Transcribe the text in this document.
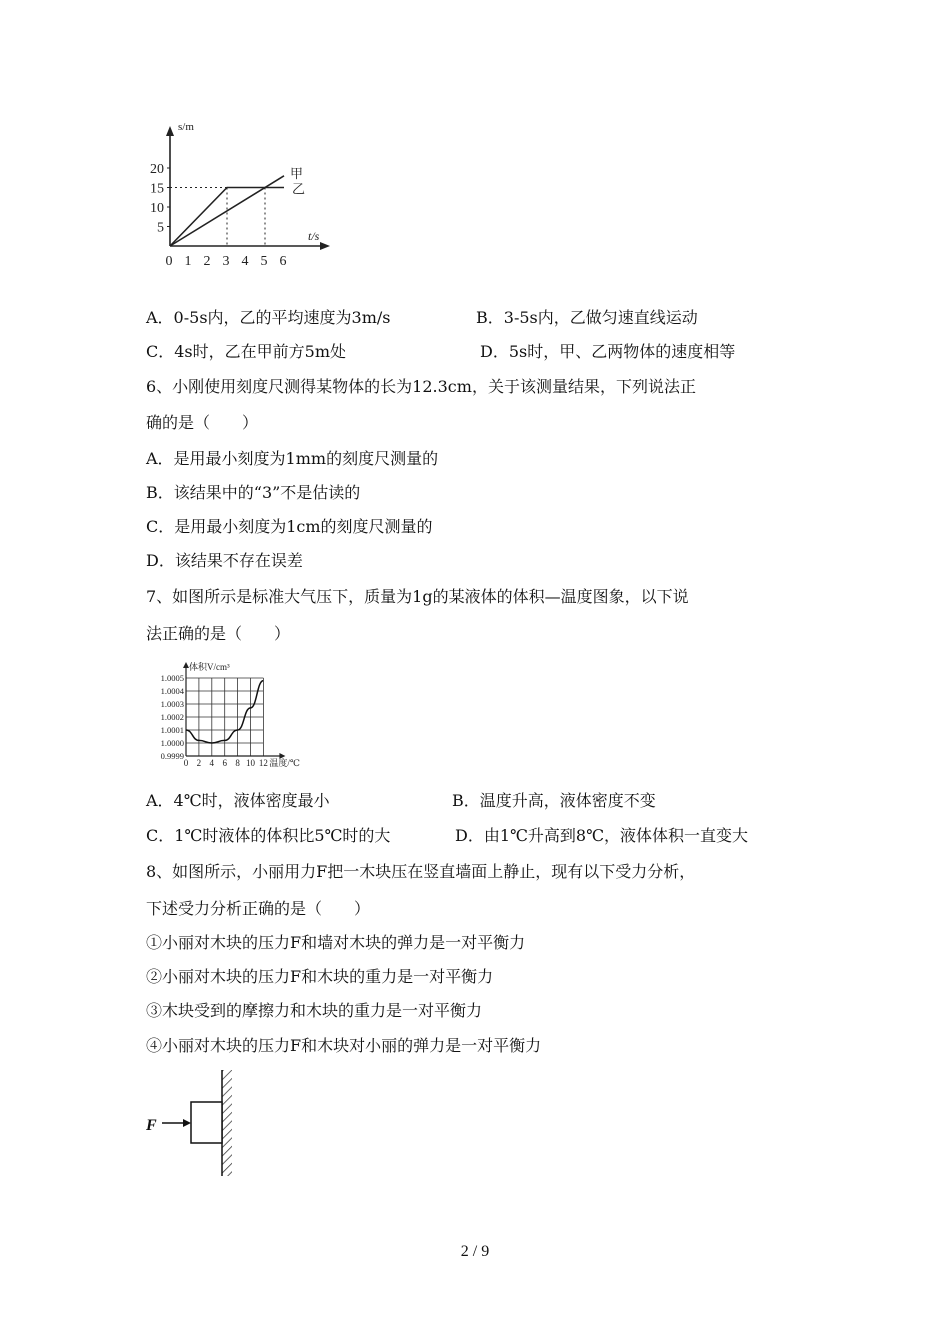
s/m
t/s
20
15
10
5
0 1 2 3 4 5 6
甲
乙
A．0-5s内，乙的平均速度为3m/s	B．3-5s内，乙做匀速直线运动
C．4s时，乙在甲前方5m处	D．5s时，甲、乙两物体的速度相等
6、小刚使用刻度尺测得某物体的长为12.3cm，关于该测量结果，下列说法正
确的是（　　）
A．是用最小刻度为1mm的刻度尺测量的
B．该结果中的“3”不是估读的
C．是用最小刻度为1cm的刻度尺测量的
D．该结果不存在误差
7、如图所示是标准大气压下，质量为1g的某液体的体积—温度图象，以下说
法正确的是（　　）
1.0005
1.0004
1.0003
1.0002
1.0001
1.0000
0.9999
体积V/cm³
0 2 4 6 8 10 12 温度/℃
A．4℃时，液体密度最小	B．温度升高，液体密度不变
C．1℃时液体的体积比5℃时的大	D．由1℃升高到8℃，液体体积一直变大
8、如图所示，小丽用力F把一木块压在竖直墙面上静止，现有以下受力分析，
下述受力分析正确的是（　　）
①小丽对木块的压力F和墙对木块的弹力是一对平衡力
②小丽对木块的压力F和木块的重力是一对平衡力
③木块受到的摩擦力和木块的重力是一对平衡力
④小丽对木块的压力F和木块对小丽的弹力是一对平衡力
F
2 / 9
